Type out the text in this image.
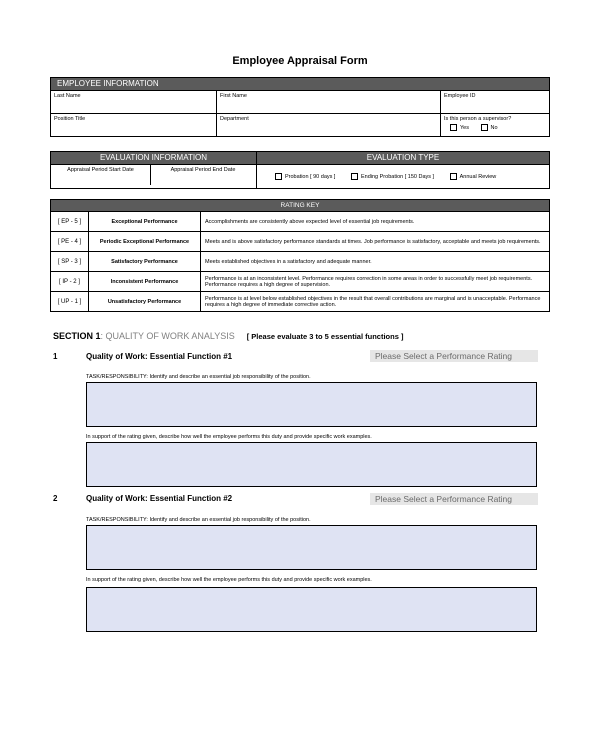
Employee Appraisal Form
EMPLOYEE INFORMATION		
Last Name	First Name	Employee ID
Position Title	Department	Is this person a supervisor?
Yes No
EVALUATION INFORMATION	EVALUATION TYPE
Appraisal Period Start Date Appraisal Period End Date	Probation [ 90 days ] Ending Probation [ 150 Days ] Annual Review
RATING KEY		
[ EP - 5 ]	Exceptional Performance	Accomplishments are consistently above expected level of essential job requirements.
[ PE - 4 ]	Periodic Exceptional Performance	Meets and is above satisfactory performance standards at times. Job performance is satisfactory, acceptable and meets job requirements.
[ SP - 3 ]	Satisfactory Performance	Meets established objectives in a satisfactory and adequate manner.
[ IP - 2 ]	Inconsistent Performance	Performance is at an inconsistent level. Performance requires correction in some areas in order to successfully meet job requirements. Performance requires a high degree of supervision.
[ UP - 1 ]	Unsatisfactory Performance	Performance is at level below established objectives in the result that overall contributions are marginal and is unacceptable. Performance requires a high degree of immediate corrective action.
SECTION 1: QUALITY OF WORK ANALYSIS [ Please evaluate 3 to 5 essential functions ]
1	Quality of Work: Essential Function #1	Please Select a Performance Rating
TASK/RESPONSIBILITY: Identify and describe an essential job responsibility of the position.
In support of the rating given, describe how well the employee performs this duty and provide specific work examples.
2	Quality of Work: Essential Function #2	Please Select a Performance Rating
TASK/RESPONSIBILITY: Identify and describe an essential job responsibility of the position.
In support of the rating given, describe how well the employee performs this duty and provide specific work examples.
